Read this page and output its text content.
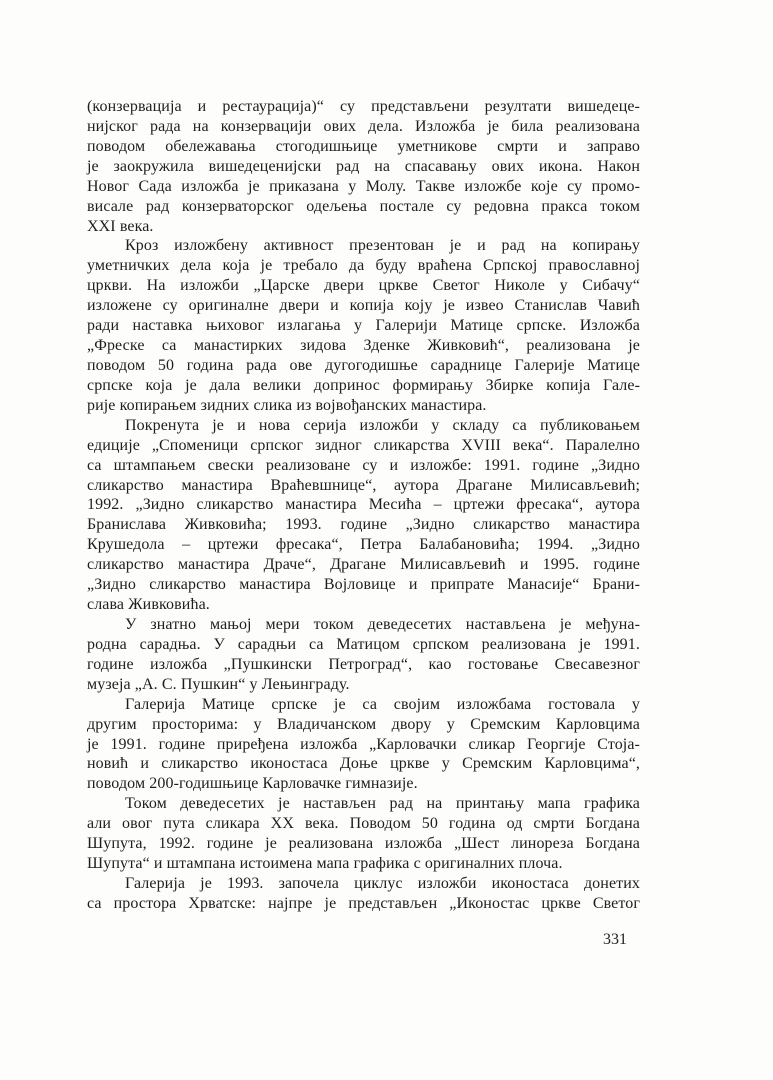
(конзервација и рестаурација)“ су представљени резултати вишедеце-
нијског рада на конзервацији ових дела. Изложба је била реализована
поводом обележавања стогодишњице уметникове смрти и заправо
је заокружила вишедеценијски рад на спасавању ових икона. Након
Новог Сада изложба је приказана у Молу. Такве изложбе које су промо-
висале рад конзерваторског одељења постале су редовна пракса током
XXI века.

Кроз изложбену активност презентован је и рад на копирању
уметничких дела која је требало да буду враћена Српској православној
цркви. На изложби „Царске двери цркве Светог Николе у Сибачу“
изложене су оригиналне двери и копија коју је извео Станислав Чавић
ради наставка њиховог излагања у Галерији Матице српске. Изложба
„Фреске са манастирких зидова Зденке Живковић“, реализована је
поводом 50 година рада ове дугогодишње сараднице Галерије Матице
српске која је дала велики допринос формирању Збирке копија Гале-
рије копирањем зидних слика из војвођанских манастира.

Покренута је и нова серија изложби у складу са публиковањем
едиције „Споменици српског зидног сликарства XVIII века“. Паралелно
са штампањем свески реализоване су и изложбе: 1991. године „Зидно
сликарство манастира Враћевшнице“, аутора Драгане Милисављевић;
1992. „Зидно сликарство манастира Месића – цртежи фресака“, аутора
Бранислава Живковића; 1993. године „Зидно сликарство манастира
Крушедола – цртежи фресака“, Петра Балабановића; 1994. „Зидно
сликарство манастира Драче“, Драгане Милисављевић и 1995. године
„Зидно сликарство манастира Војловице и припрате Манасије“ Брани-
слава Живковића.

У знатно мањој мери током деведесетих настављена је међуна-
родна сарадња. У сарадњи са Матицом српском реализована је 1991.
године изложба „Пушкински Петроград“, као гостовање Свесавезног
музеја „А. С. Пушкин“ у Лењинграду.

Галерија Матице српске је са својим изложбама гостовала у
другим просторима: у Владичанском двору у Сремским Карловцима
је 1991. године приређена изложба „Карловачки сликар Георгије Стоја-
новић и сликарство иконостаса Доње цркве у Сремским Карловцима“,
поводом 200-годишњице Карловачке гимназије.

Током деведесетих је настављен рад на принтању мапа графика
али овог пута сликара XX века. Поводом 50 година од смрти Богдана
Шупута, 1992. године је реализована изложба „Шест линореза Богдана
Шупута“ и штампана истоимена мапа графика с оригиналних плоча.

Галерија је 1993. започела циклус изложби иконостаса донетих
са простора Хрватске: најпре је представљен „Иконостас цркве Светог

331
